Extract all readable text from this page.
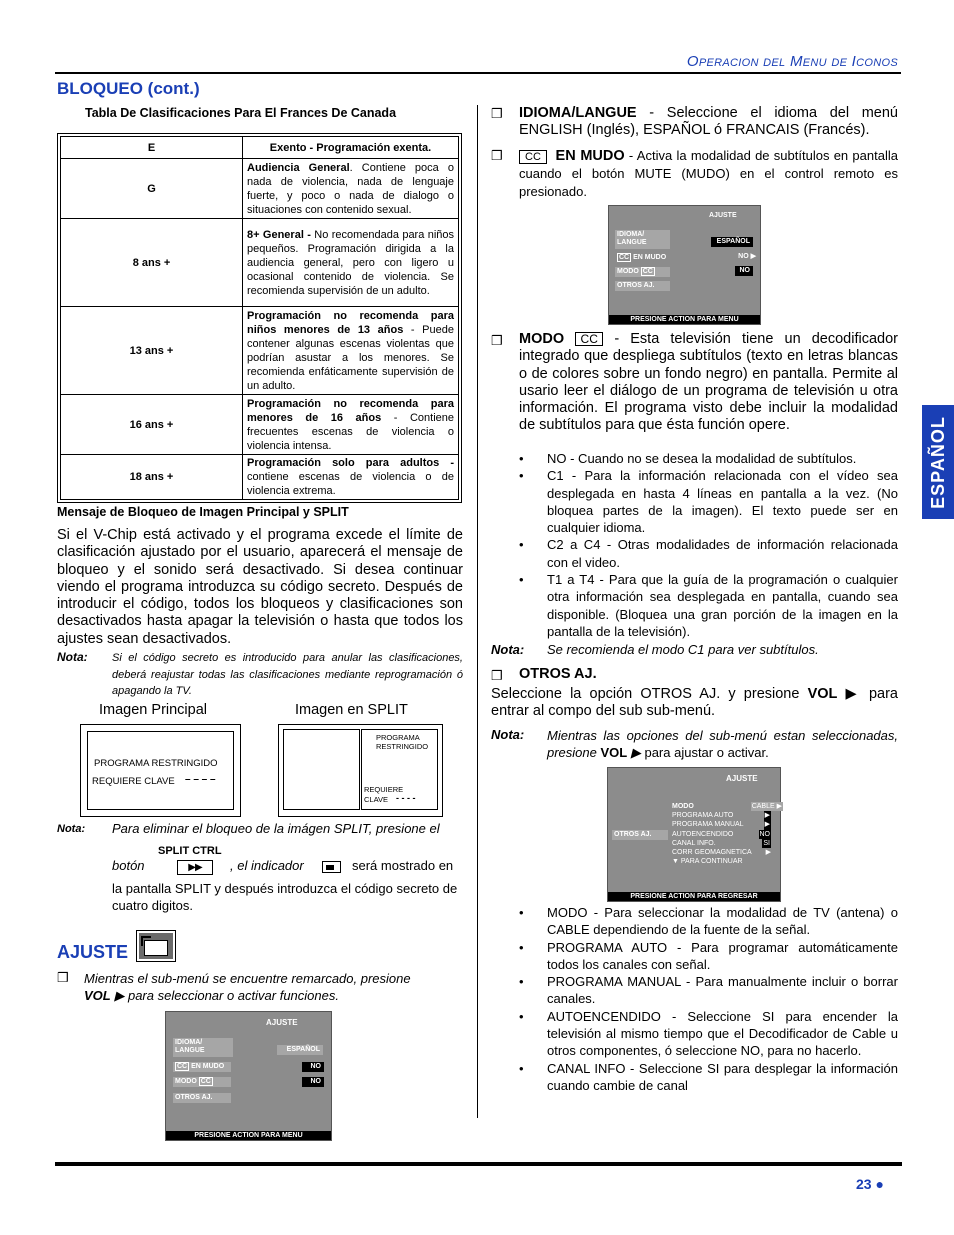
Operacion del Menu de Iconos
ESPAÑOL
BLOQUEO (cont.)
Tabla De Clasificaciones Para El Frances De Canada
E	Exento - Programación exenta.
G	Audiencia General. Contiene poca o nada de violencia, nada de lenguaje fuerte, y poco o nada de dialogo o situaciones con contenido sexual.
8 ans +	8+ General - No recomendada para niños pequeños. Programación dirigida a la audiencia general, pero con ligero u ocasional contenido de violencia. Se recomienda supervisión de un adulto.
13 ans +	Programación no recomenda para niños menores de 13 años - Puede contener algunas escenas violentas que podrían asustar a los menores. Se recomienda enfáticamente supervisión de un adulto.
16 ans +	Programación no recomenda para menores de 16 años - Contiene frecuentes escenas de violencia o violencia intensa.
18 ans +	Programación solo para adultos - contiene escenas de violencia o de violencia extrema.
Mensaje de Bloqueo de Imagen Principal y SPLIT
Si el V-Chip está activado y el programa excede el límite de clasificación ajustado por el usuario, aparecerá el mensaje de bloqueo y el sonido será desactivado. Si desea continuar viendo el programa introduzca su código secreto. Después de introducir el código, todos los bloqueos y clasificaciones son desactivados hasta apagar la televisión o hasta que todos los ajustes sean desactivados.
Nota: Si el código secreto es introducido para anular las clasificaciones, deberá reajustar todas las clasificaciones mediante reprogramación ó apagando la TV.
Imagen Principal	Imagen en SPLIT
PROGRAMA RESTRINGIDO
REQUIERE CLAVE – – – –
PROGRAMA
RESTRINGIDO
REQUIERE
CLAVE - - - -
Nota: Para eliminar el bloqueo de la imágen SPLIT, presione el
SPLIT CTRL
botón	▶▶	, el indicador	será mostrado en
la pantalla SPLIT y después introduzca el código secreto de cuatro digitos.
AJUSTE
❒ Mientras el sub-menú se encuentre remarcado, presione
VOL ▶ para seleccionar o activar funciones.
AJUSTE
IDIOMA/ LANGUE	ESPAÑOL
CC EN MUDO	NO
MODO CC	NO
OTROS AJ.
PRESIONE ACTION PARA MENU
❒ IDIOMA/LANGUE - Seleccione el idioma del menú ENGLISH (Inglés), ESPAÑOL ó FRANCAIS (Francés).
❒	CC EN MUDO - Activa la modalidad de subtítulos en pantalla cuando el botón MUTE (MUDO) en el control remoto es presionado.
AJUSTE
IDIOMA/ LANGUE	ESPAÑOL
CC EN MUDO	NO ▶
MODO CC	NO
OTROS AJ.
PRESIONE ACTION PARA MENU
❒ MODO CC - Esta televisión tiene un decodificador integrado que despliega subtítulos (texto en letras blancas o de colores sobre un fondo negro) en pantalla. Permite al usario leer el diálogo de un programa de televisión u otra información. El programa visto debe incluir la modalidad de subtítulos para que ésta función opere.
• NO - Cuando no se desea la modalidad de subtítulos.
• C1 - Para la información relacionada con el vídeo sea desplegada en hasta 4 líneas en pantalla a la vez. (No bloquea partes de la imagen). El texto puede ser en cualquier idioma.
• C2 a C4 - Otras modalidades de información relacionada con el video.
• T1 a T4 - Para que la guía de la programación o cualquier otra información sea desplegada en pantalla, cuando sea disponible. (Bloquea una gran porción de la imagen en la pantalla de la televisión).
Nota: Se recomienda el modo C1 para ver subtítulos.
❒ OTROS AJ.
Seleccione la opción OTROS AJ. y presione VOL ▶ para entrar al compo del sub sub-menú.
Nota: Mientras las opciones del sub-menú estan seleccionadas, presione VOL ▶ para ajustar o activar.
AJUSTE
OTROS AJ.
MODO	CABLE ▶
PROGRAMA AUTO	▶
PROGRAMA MANUAL	▶
AUTOENCENDIDO	NO
CANAL INFO.	SI
CORR GEOMAGNETICA ▶
▼ PARA CONTINUAR
PRESIONE ACTION PARA REGRESAR
• MODO - Para seleccionar la modalidad de TV (antena) o CABLE dependiendo de la fuente de la señal.
• PROGRAMA AUTO - Para programar automáticamente todos los canales con señal.
• PROGRAMA MANUAL - Para manualmente incluir o borrar canales.
• AUTOENCENDIDO - Seleccione SI para encender la televisión al mismo tiempo que el Decodificador de Cable u otros componentes, ó seleccione NO, para no hacerlo.
• CANAL INFO - Seleccione SI para desplegar la información cuando cambie de canal
23 ●
